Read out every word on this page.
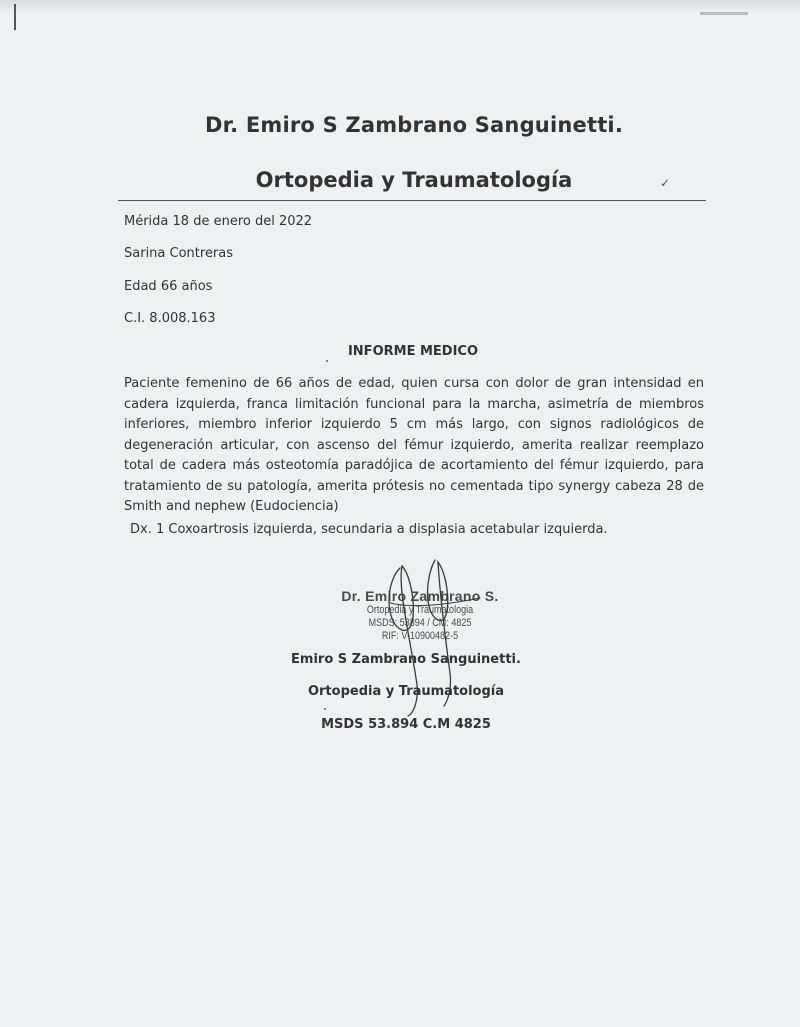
Dr. Emiro S Zambrano Sanguinetti.
Ortopedia y Traumatología	✓
Mérida 18 de enero del 2022
Sarina Contreras
Edad 66 años
C.I. 8.008.163
INFORME MEDICO
Paciente femenino de 66 años de edad, quien cursa con dolor de gran intensidad en cadera izquierda, franca limitación funcional para la marcha, asimetría de miembros inferiores, miembro inferior izquierdo 5 cm más largo, con signos radiológicos de degeneración articular, con ascenso del fémur izquierdo, amerita realizar reemplazo total de cadera más osteotomía paradójica de acortamiento del fémur izquierdo, para tratamiento de su patología, amerita prótesis no cementada tipo synergy cabeza 28 de Smith and nephew (Eudociencia)
Dx. 1 Coxoartrosis izquierda, secundaria a displasia acetabular izquierda.
Dr. Emiro Zambrano S.
Ortopedia y Traumatologia
MSDS: 53894 / CM: 4825
RIF: V-10900482-5
Emiro S Zambrano Sanguinetti.
Ortopedia y Traumatología
MSDS 53.894 C.M 4825
